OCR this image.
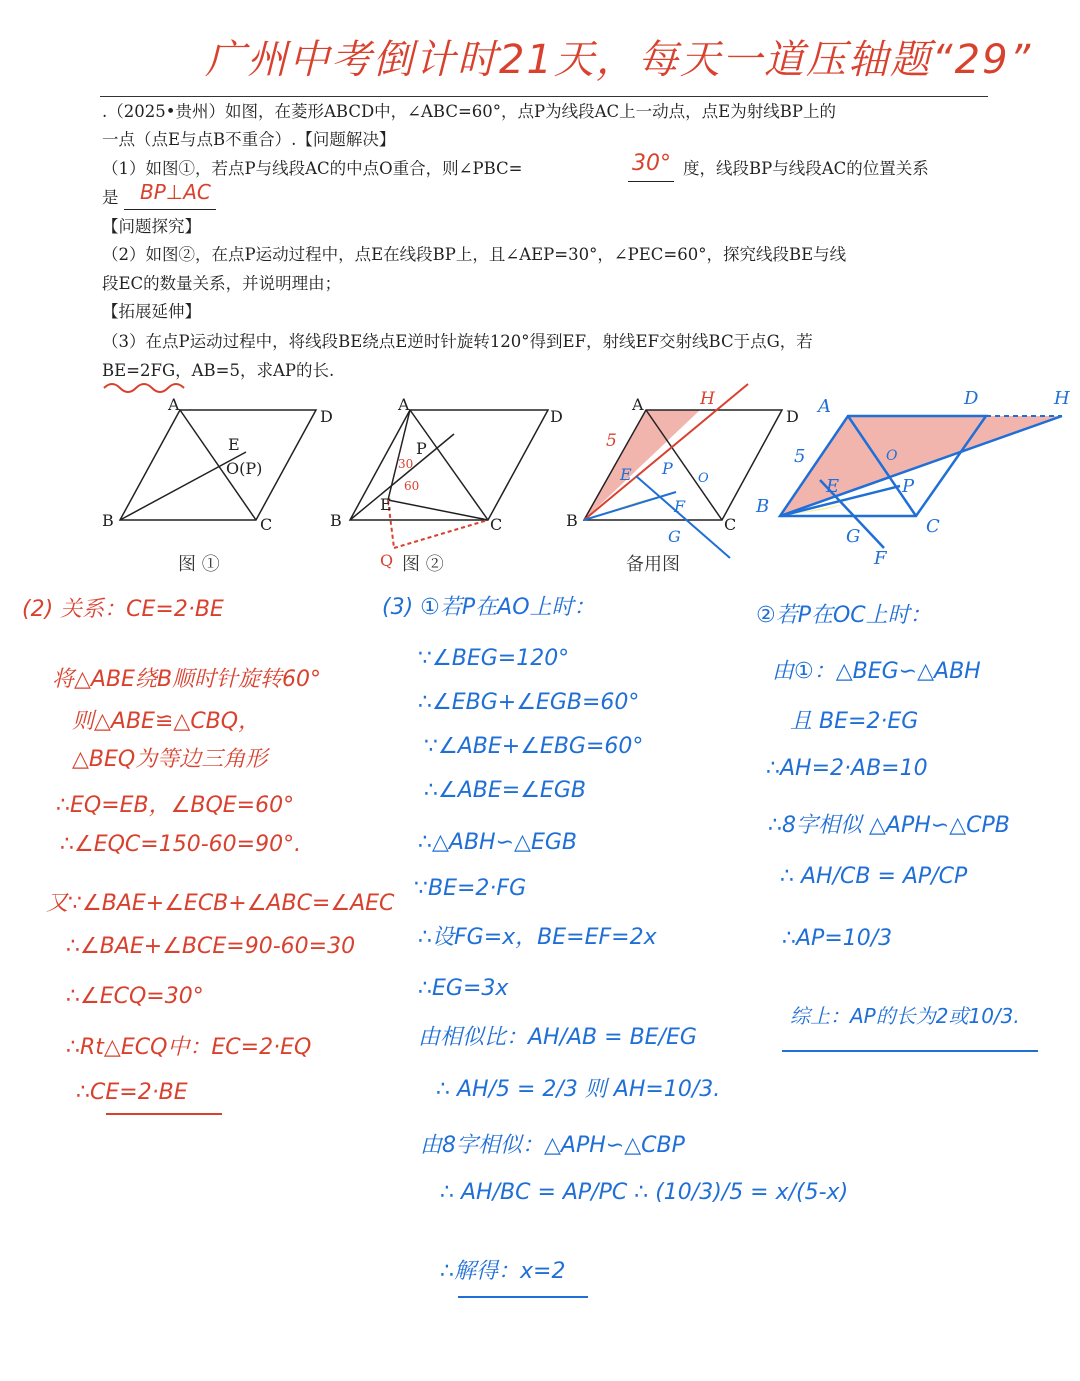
广州中考倒计时21天，每天一道压轴题“29”
.（2025•贵州）如图，在菱形ABCD中，∠ABC=60°，点P为线段AC上一动点，点E为射线BP上的
一点（点E与点B不重合）.【问题解决】
（1）如图①，若点P与线段AC的中点O重合，则∠PBC=	30° 度，线段BP与线段AC的位置关系
是 BP⊥AC
【问题探究】
（2）如图②，在点P运动过程中，点E在线段BP上，且∠AEP=30°，∠PEC=60°，探究线段BE与线
段EC的数量关系，并说明理由；
【拓展延伸】
（3）在点P运动过程中，将线段BE绕点E逆时针旋转120°得到EF，射线EF交射线BC于点G，若
BE=2FG，AB=5，求AP的长.
A
D
B	C
E
O(P)
A
D
B	C
P
E
30
60
Q
A
D
B	C
H
5
E P
O
F
G
A	D	H
5
B
O
E	P
C
G
F
图 ①	图 ②	备用图
(2) 关系：CE=2·BE
将△ABE绕B顺时针旋转60°
则△ABE≌△CBQ，
△BEQ为等边三角形
∴EQ=EB，∠BQE=60°
∴∠EQC=150-60=90°.
又∵∠BAE+∠ECB+∠ABC=∠AEC
∴∠BAE+∠BCE=90-60=30
∴∠ECQ=30°
∴Rt△ECQ中：EC=2·EQ
∴CE=2·BE
(3) ①若P在AO上时：
∵∠BEG=120°
∴∠EBG+∠EGB=60°
∵∠ABE+∠EBG=60°
∴∠ABE=∠EGB
∴△ABH∽△EGB
∵BE=2·FG
∴设FG=x，BE=EF=2x
∴EG=3x
由相似比：AH/AB = BE/EG
∴ AH/5 = 2/3 则 AH=10/3.
由8字相似：△APH∽△CBP
∴ AH/BC = AP/PC ∴ (10/3)/5 = x/(5-x)
∴解得：x=2
②若P在OC上时：
由①：△BEG∽△ABH
且 BE=2·EG
∴AH=2·AB=10
∴8字相似 △APH∽△CPB
∴ AH/CB = AP/CP
∴AP=10/3
综上：AP的长为2或10/3.
